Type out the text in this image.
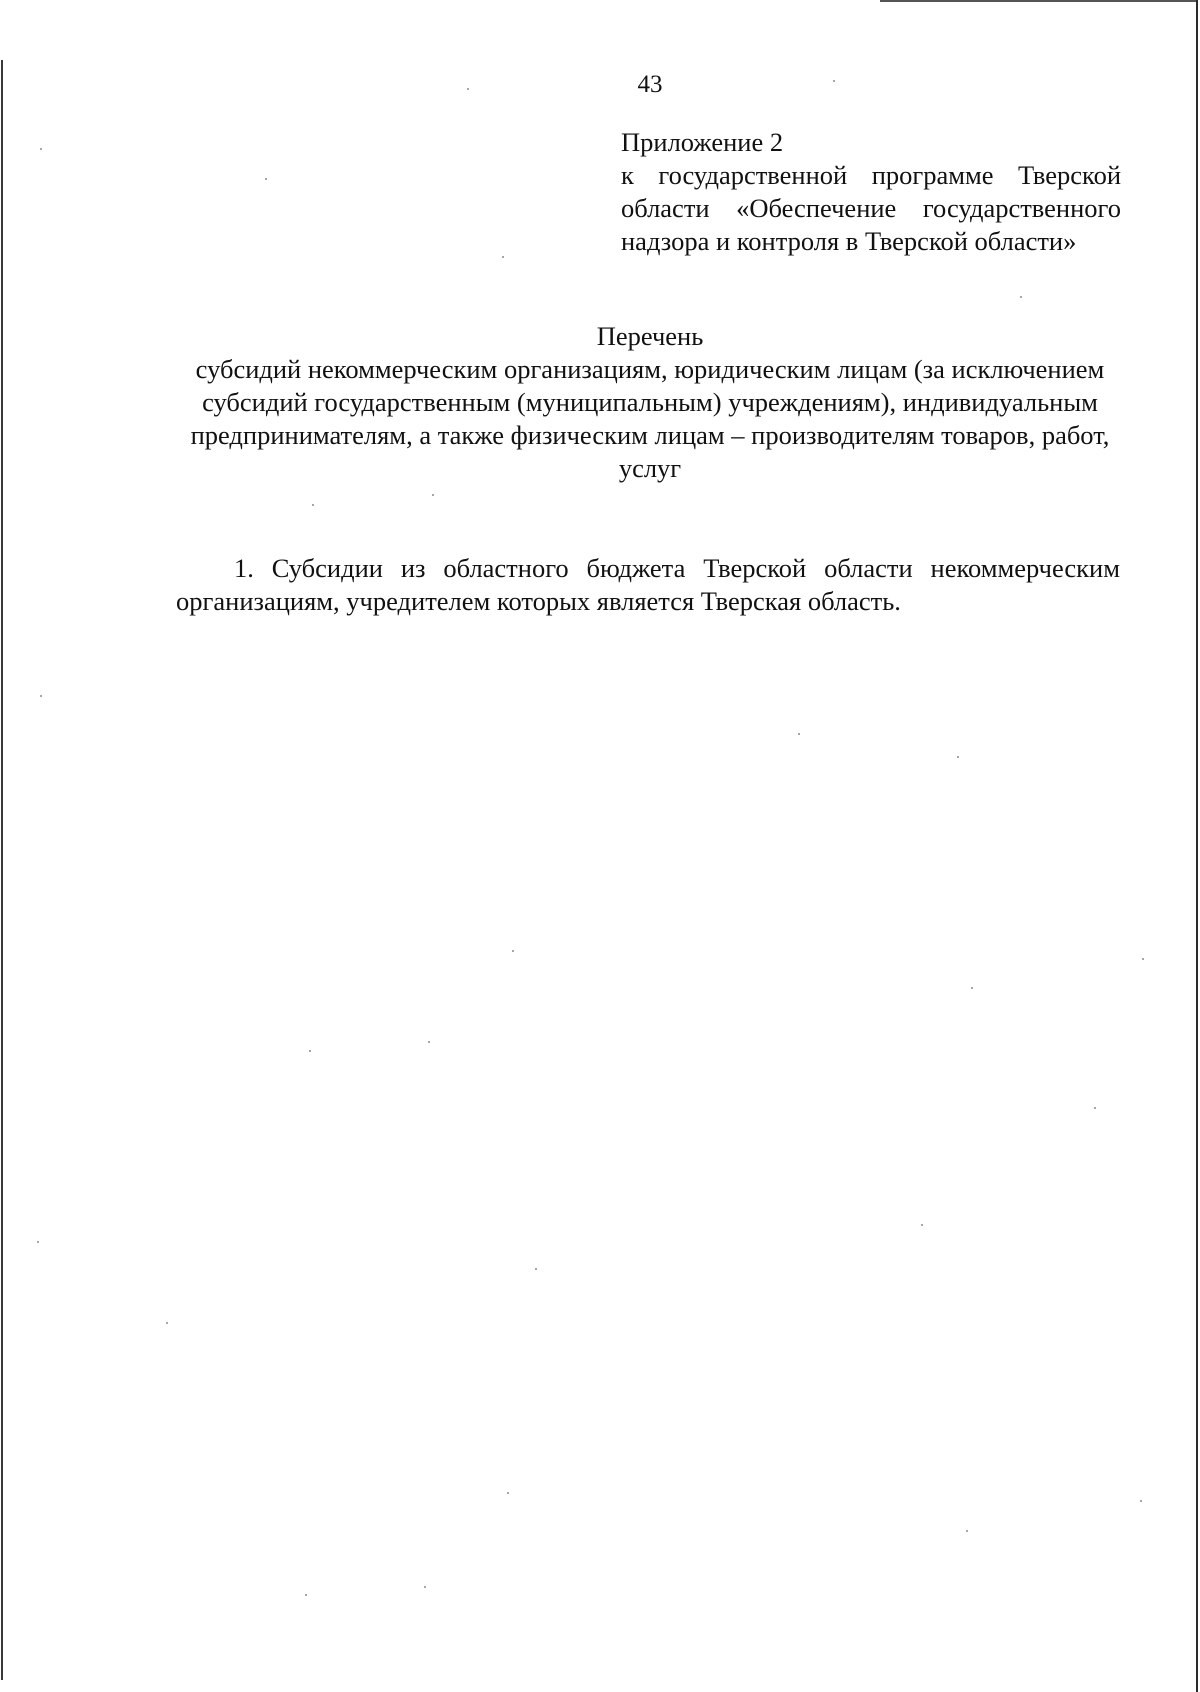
43
Приложение 2
к государственной программе Тверской области «Обеспечение государственного надзора и контроля в Тверской области»
Перечень
субсидий некоммерческим организациям, юридическим лицам (за исключением субсидий государственным (муниципальным) учреждениям), индивидуальным предпринимателям, а также физическим лицам – производителям товаров, работ, услуг
1. Субсидии из областного бюджета Тверской области некоммерческим организациям, учредителем которых является Тверская область.
